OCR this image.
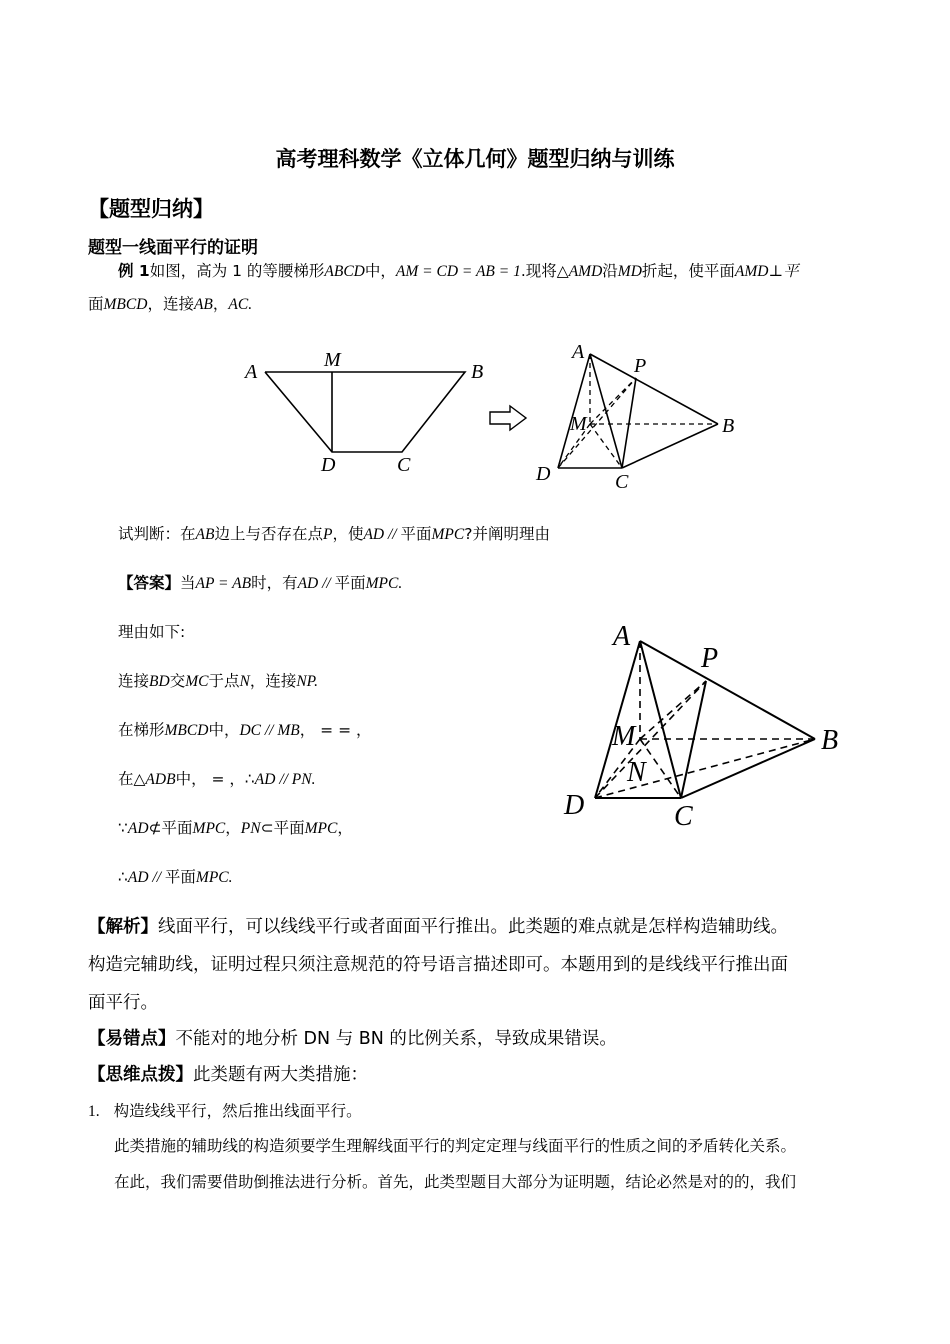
高考理科数学《立体几何》题型归纳与训练
【题型归纳】
题型一线面平行的证明
例 1如图，高为 1 的等腰梯形ABCD中，AM = CD = AB = 1.现将△AMD沿MD折起，使平面AMD⊥平
面MBCD，连接AB，AC.
A
M
B
D	C
A
P
M	B
D	C
试判断：在AB边上与否存在点P，使AD // 平面MPC?并阐明理由
【答案】当AP = AB时，有AD // 平面MPC.
理由如下:
连接BD交MC于点N，连接NP.
在梯形MBCD中，DC // MB， = = ，
在△ADB中， = ，∴AD // PN.
∵AD⊄平面MPC，PN⊂平面MPC，
∴AD // 平面MPC.
A
P
M
N
B
D	C
【解析】线面平行，可以线线平行或者面面平行推出。此类题的难点就是怎样构造辅助线。
构造完辅助线，证明过程只须注意规范的符号语言描述即可。本题用到的是线线平行推出面
面平行。
【易错点】不能对的地分析 DN 与 BN 的比例关系，导致成果错误。
【思维点拨】此类题有两大类措施：
1. 构造线线平行，然后推出线面平行。
此类措施的辅助线的构造须要学生理解线面平行的判定定理与线面平行的性质之间的矛盾转化关系。
在此，我们需要借助倒推法进行分析。首先，此类型题目大部分为证明题，结论必然是对的的，我们
